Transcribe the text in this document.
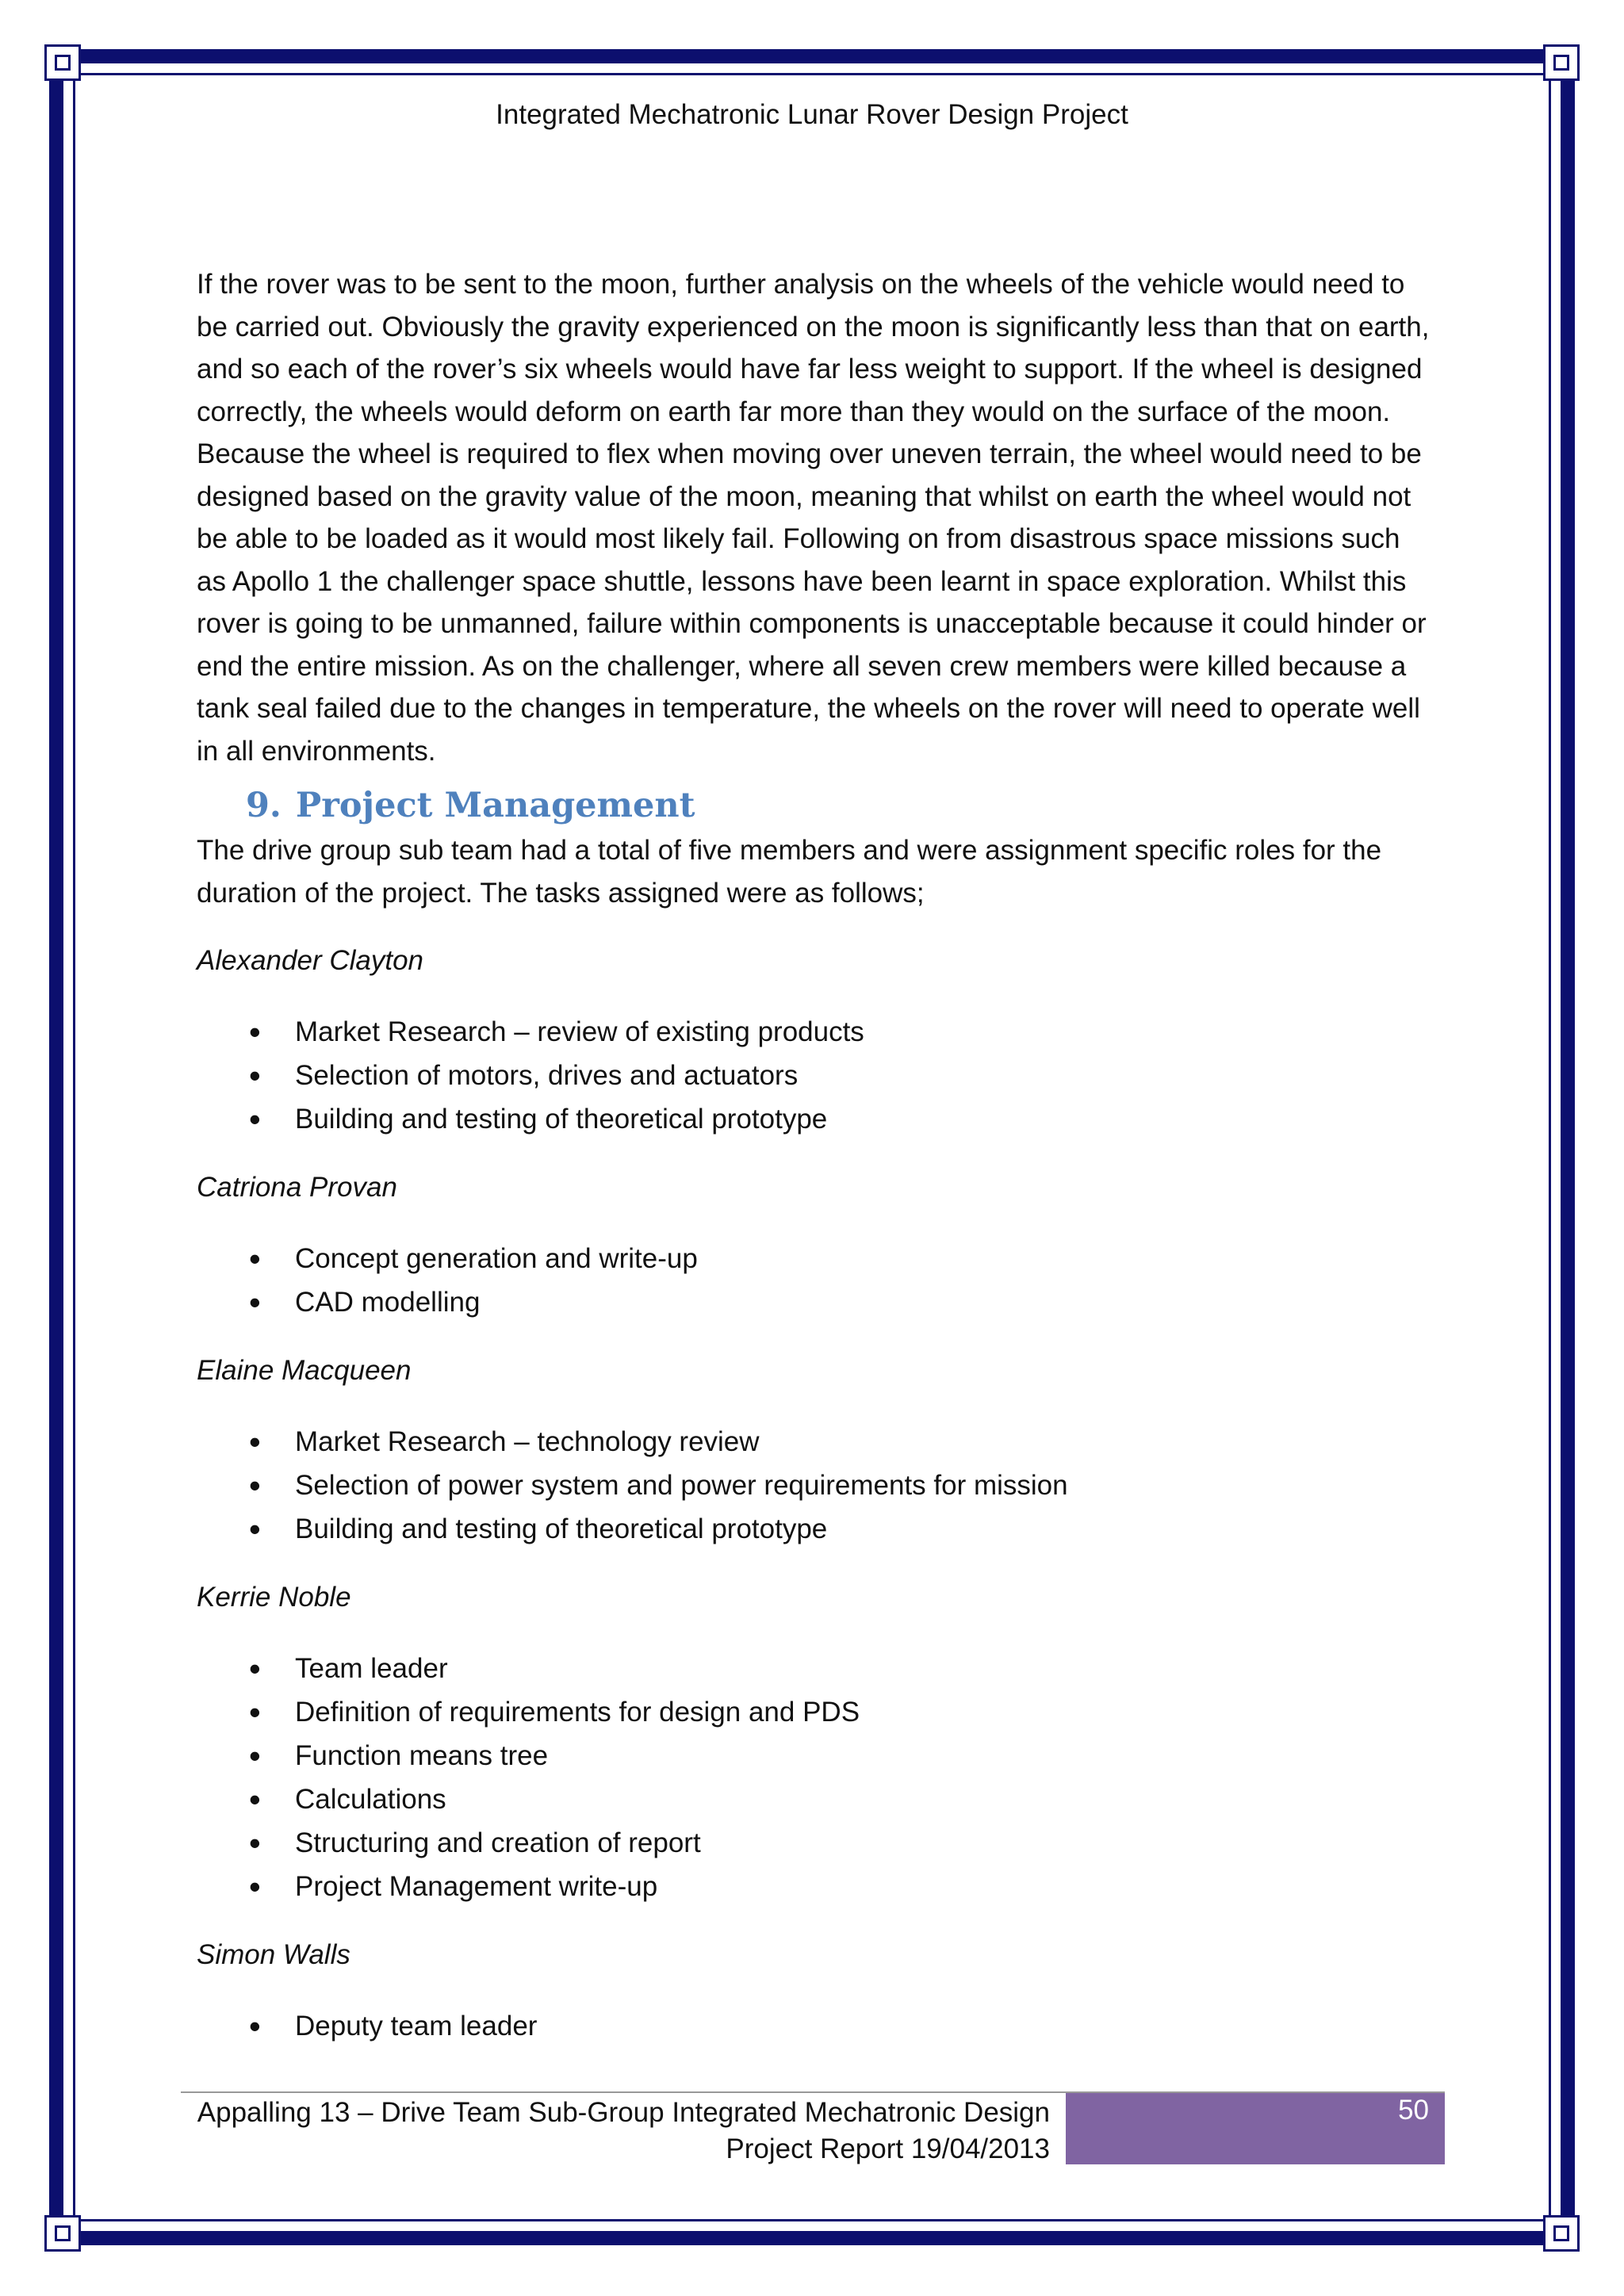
Integrated Mechatronic Lunar Rover Design Project

If the rover was to be sent to the moon, further analysis on the wheels of the vehicle would need to be carried out. Obviously the gravity experienced on the moon is significantly less than that on earth, and so each of the rover’s six wheels would have far less weight to support. If the wheel is designed correctly, the wheels would deform on earth far more than they would on the surface of the moon. Because the wheel is required to flex when moving over uneven terrain, the wheel would need to be designed based on the gravity value of the moon, meaning that whilst on earth the wheel would not be able to be loaded as it would most likely fail. Following on from disastrous space missions such as Apollo 1 the challenger space shuttle, lessons have been learnt in space exploration. Whilst this rover is going to be unmanned, failure within components is unacceptable because it could hinder or end the entire mission. As on the challenger, where all seven crew members were killed because a tank seal failed due to the changes in temperature, the wheels on the rover will need to operate well in all environments.

9. Project Management

The drive group sub team had a total of five members and were assignment specific roles for the duration of the project. The tasks assigned were as follows;

Alexander Clayton
• Market Research – review of existing products
• Selection of motors, drives and actuators
• Building and testing of theoretical prototype
Catriona Provan
• Concept generation and write-up
• CAD modelling
Elaine Macqueen
• Market Research – technology review
• Selection of power system and power requirements for mission
• Building and testing of theoretical prototype
Kerrie Noble
• Team leader
• Definition of requirements for design and PDS
• Function means tree
• Calculations
• Structuring and creation of report
• Project Management write-up
Simon Walls
• Deputy team leader
Appalling 13 – Drive Team Sub-Group Integrated Mechatronic Design
Project Report 19/04/2013
50
